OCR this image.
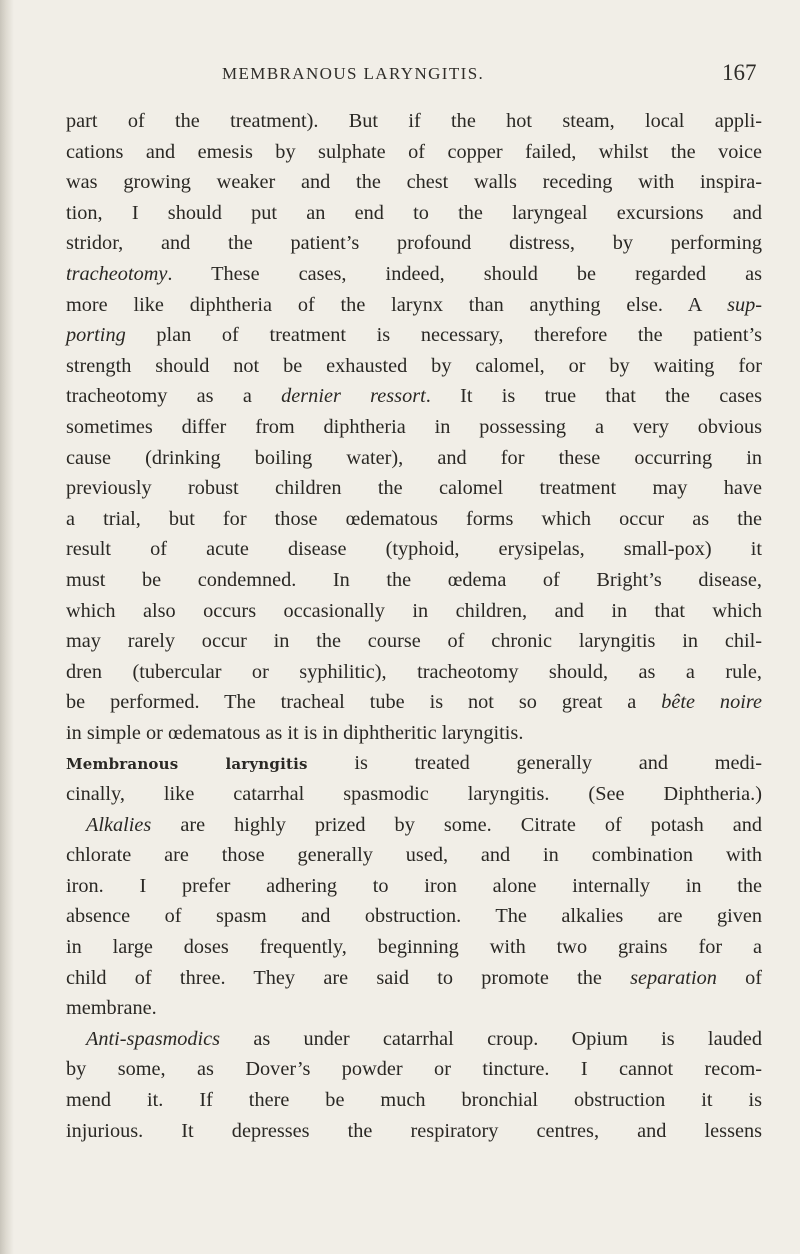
MEMBRANOUS LARYNGITIS.	167
part of the treatment). But if the hot steam, local appli-
cations and emesis by sulphate of copper failed, whilst the voice
was growing weaker and the chest walls receding with inspira-
tion, I should put an end to the laryngeal excursions and
stridor, and the patient’s profound distress, by performing
tracheotomy. These cases, indeed, should be regarded as
more like diphtheria of the larynx than anything else. A sup-
porting plan of treatment is necessary, therefore the patient’s
strength should not be exhausted by calomel, or by waiting for
tracheotomy as a dernier ressort. It is true that the cases
sometimes differ from diphtheria in possessing a very obvious
cause (drinking boiling water), and for these occurring in
previously robust children the calomel treatment may have
a trial, but for those œdematous forms which occur as the
result of acute disease (typhoid, erysipelas, small-pox) it
must be condemned. In the œdema of Bright’s disease,
which also occurs occasionally in children, and in that which
may rarely occur in the course of chronic laryngitis in chil-
dren (tubercular or syphilitic), tracheotomy should, as a rule,
be performed. The tracheal tube is not so great a bête noire
in simple or œdematous as it is in diphtheritic laryngitis.
Membranous laryngitis is treated generally and medi-
cinally, like catarrhal spasmodic laryngitis. (See Diphtheria.)
Alkalies are highly prized by some. Citrate of potash and
chlorate are those generally used, and in combination with
iron. I prefer adhering to iron alone internally in the
absence of spasm and obstruction. The alkalies are given
in large doses frequently, beginning with two grains for a
child of three. They are said to promote the separation of
membrane.
Anti-spasmodics as under catarrhal croup. Opium is lauded
by some, as Dover’s powder or tincture. I cannot recom-
mend it. If there be much bronchial obstruction it is
injurious. It depresses the respiratory centres, and lessens
